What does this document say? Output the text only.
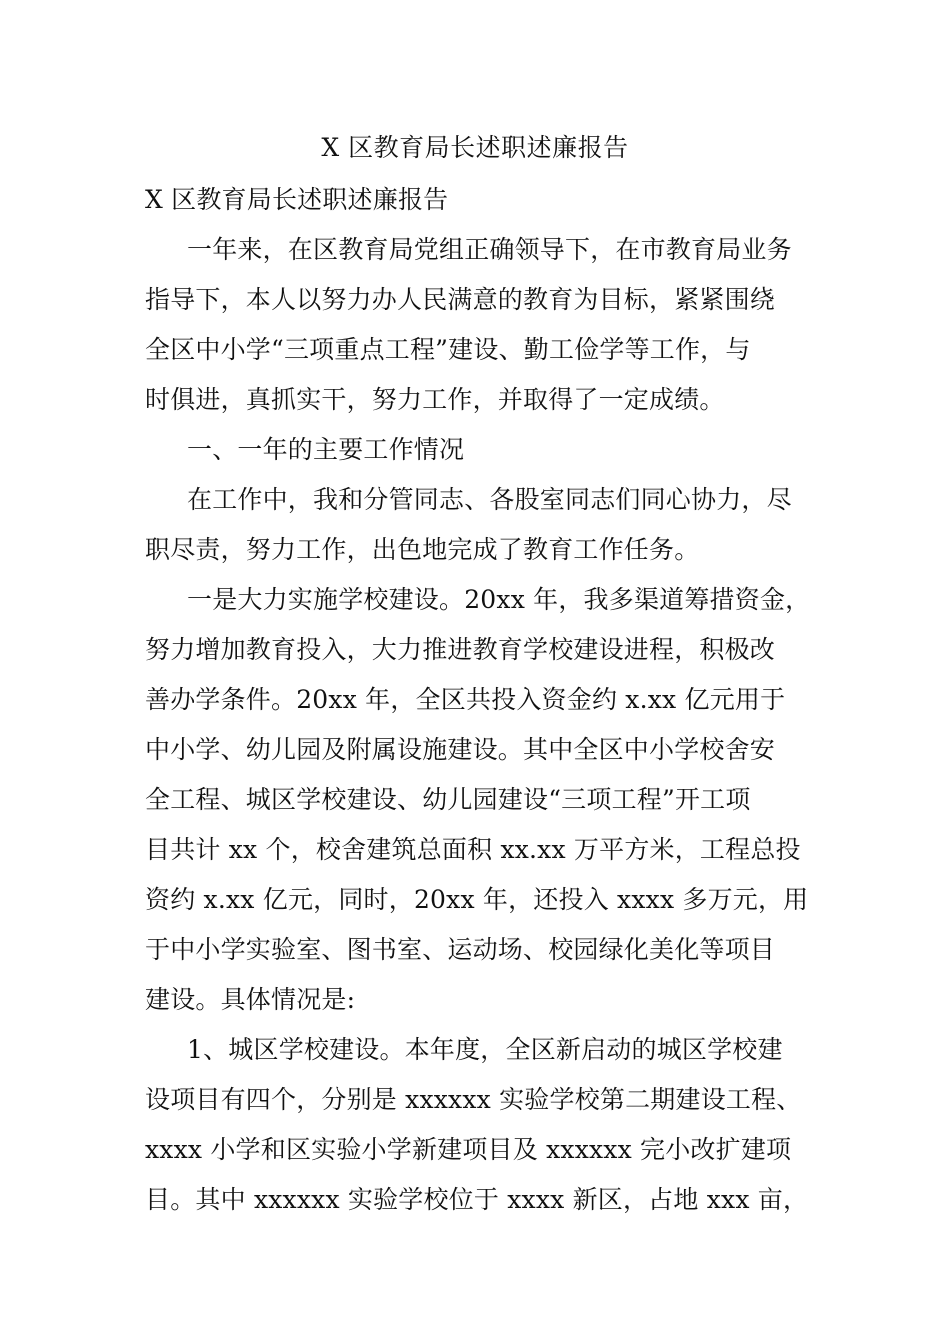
X 区教育局长述职述廉报告
X 区教育局长述职述廉报告
一年来，在区教育局党组正确领导下，在市教育局业务
指导下，本人以努力办人民满意的教育为目标，紧紧围绕
全区中小学“三项重点工程”建设、勤工俭学等工作，与
时俱进，真抓实干，努力工作，并取得了一定成绩。
一、一年的主要工作情况
在工作中，我和分管同志、各股室同志们同心协力，尽
职尽责，努力工作，出色地完成了教育工作任务。
一是大力实施学校建设。20xx 年，我多渠道筹措资金，
努力增加教育投入，大力推进教育学校建设进程，积极改
善办学条件。20xx 年，全区共投入资金约 x.xx 亿元用于
中小学、幼儿园及附属设施建设。其中全区中小学校舍安
全工程、城区学校建设、幼儿园建设“三项工程”开工项
目共计 xx 个，校舍建筑总面积 xx.xx 万平方米，工程总投
资约 x.xx 亿元，同时，20xx 年，还投入 xxxx 多万元，用
于中小学实验室、图书室、运动场、校园绿化美化等项目
建设。具体情况是:
1、城区学校建设。本年度，全区新启动的城区学校建
设项目有四个，分别是 xxxxxx 实验学校第二期建设工程、
xxxx 小学和区实验小学新建项目及 xxxxxx 完小改扩建项
目。其中 xxxxxx 实验学校位于 xxxx 新区，占地 xxx 亩，
